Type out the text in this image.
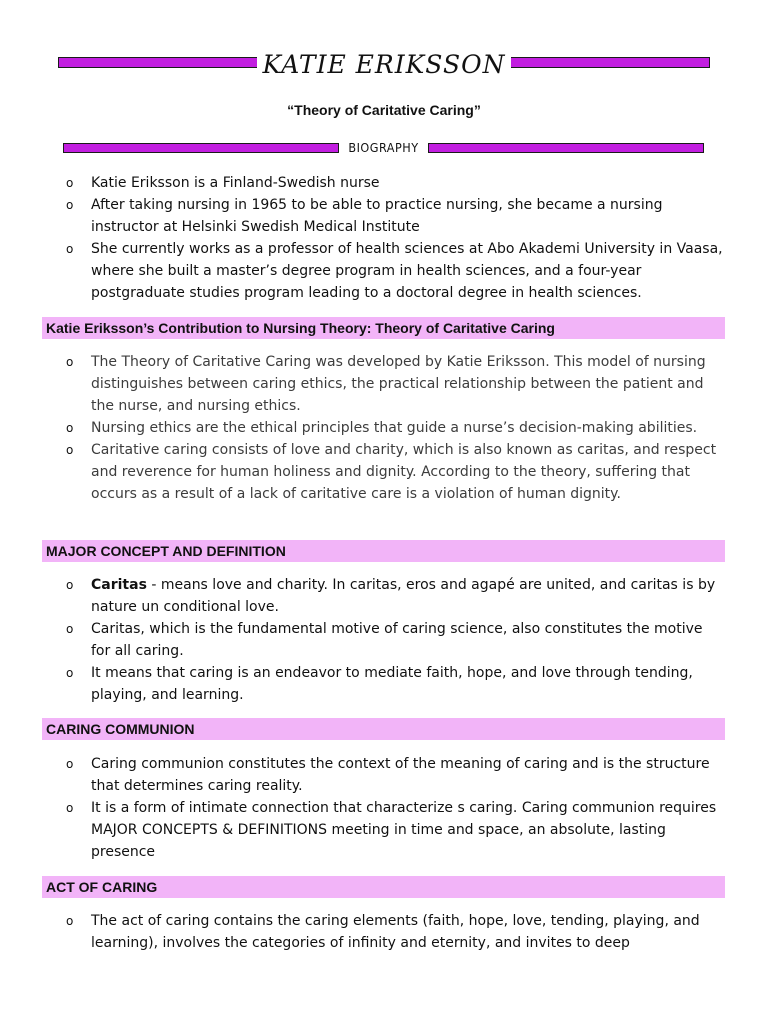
KATIE ERIKSSON
“Theory of Caritative Caring”
BIOGRAPHY
o Katie Eriksson is a Finland-Swedish nurse
o After taking nursing in 1965 to be able to practice nursing, she became a nursing instructor at Helsinki Swedish Medical Institute
o She currently works as a professor of health sciences at Abo Akademi University in Vaasa, where she built a master’s degree program in health sciences, and a four-year postgraduate studies program leading to a doctoral degree in health sciences.
Katie Eriksson’s Contribution to Nursing Theory: Theory of Caritative Caring
o The Theory of Caritative Caring was developed by Katie Eriksson. This model of nursing distinguishes between caring ethics, the practical relationship between the patient and the nurse, and nursing ethics.
o Nursing ethics are the ethical principles that guide a nurse’s decision-making abilities.
o Caritative caring consists of love and charity, which is also known as caritas, and respect and reverence for human holiness and dignity. According to the theory, suffering that occurs as a result of a lack of caritative care is a violation of human dignity.
MAJOR CONCEPT AND DEFINITION
o Caritas - means love and charity. In caritas, eros and agapé are united, and caritas is by nature un conditional love.
o Caritas, which is the fundamental motive of caring science, also constitutes the motive for all caring.
o It means that caring is an endeavor to mediate faith, hope, and love through tending, playing, and learning.
CARING COMMUNION
o Caring communion constitutes the context of the meaning of caring and is the structure that determines caring reality.
o It is a form of intimate connection that characterize s caring. Caring communion requires MAJOR CONCEPTS & DEFINITIONS meeting in time and space, an absolute, lasting presence
ACT OF CARING
o The act of caring contains the caring elements (faith, hope, love, tending, playing, and learning), involves the categories of infinity and eternity, and invites to deep
